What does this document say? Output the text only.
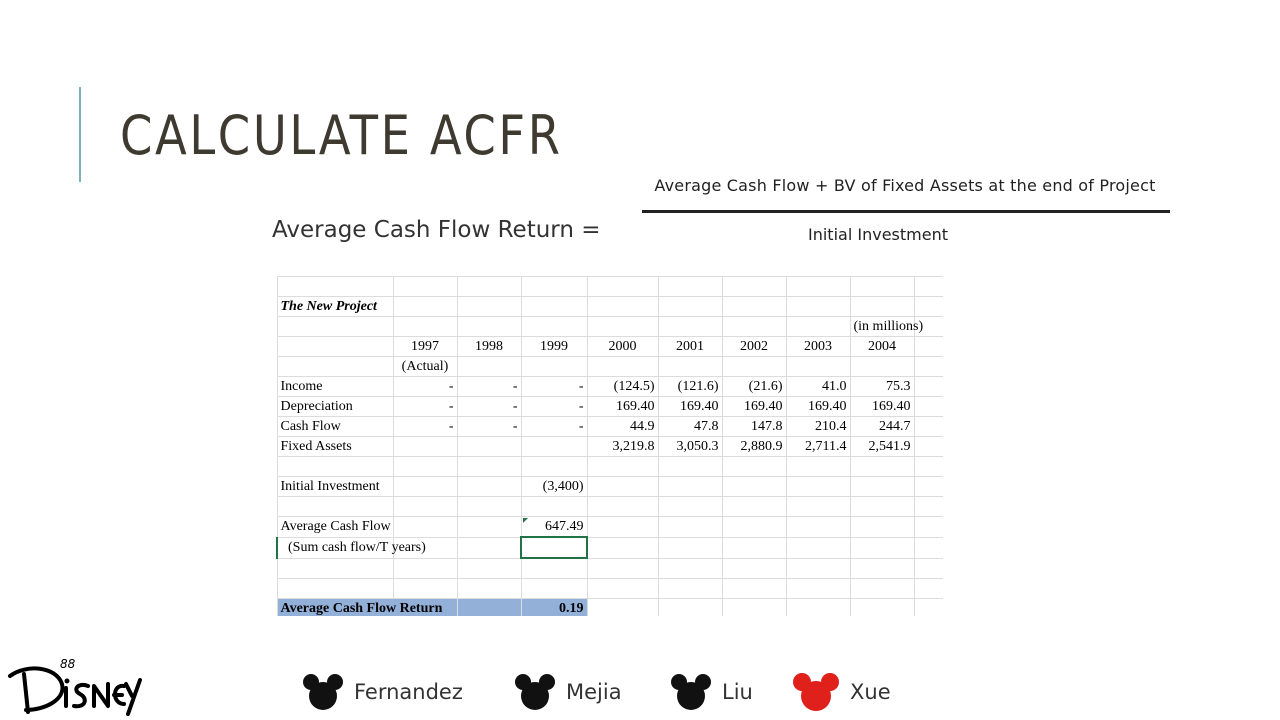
CALCULATE ACFR
Average Cash Flow Return =
Average Cash Flow + BV of Fixed Assets at the end of Project
Initial Investment

The New Project									
								(in millions)	
	1997	1998	1999	2000	2001	2002	2003	2004	
	(Actual)								
Income	-	-	-	(124.5)	(121.6)	(21.6)	41.0	75.3	
Depreciation	-	-	-	169.40	169.40	169.40	169.40	169.40	
Cash Flow	-	-	-	44.9	47.8	147.8	210.4	244.7	
Fixed Assets				3,219.8	3,050.3	2,880.9	2,711.4	2,541.9	

Initial Investment			(3,400)						

Average Cash Flow			647.49						
(Sum cash flow/T years)									

Average Cash Flow Return			0.19						

88
Fernandez	Mejia	Liu	Xue
